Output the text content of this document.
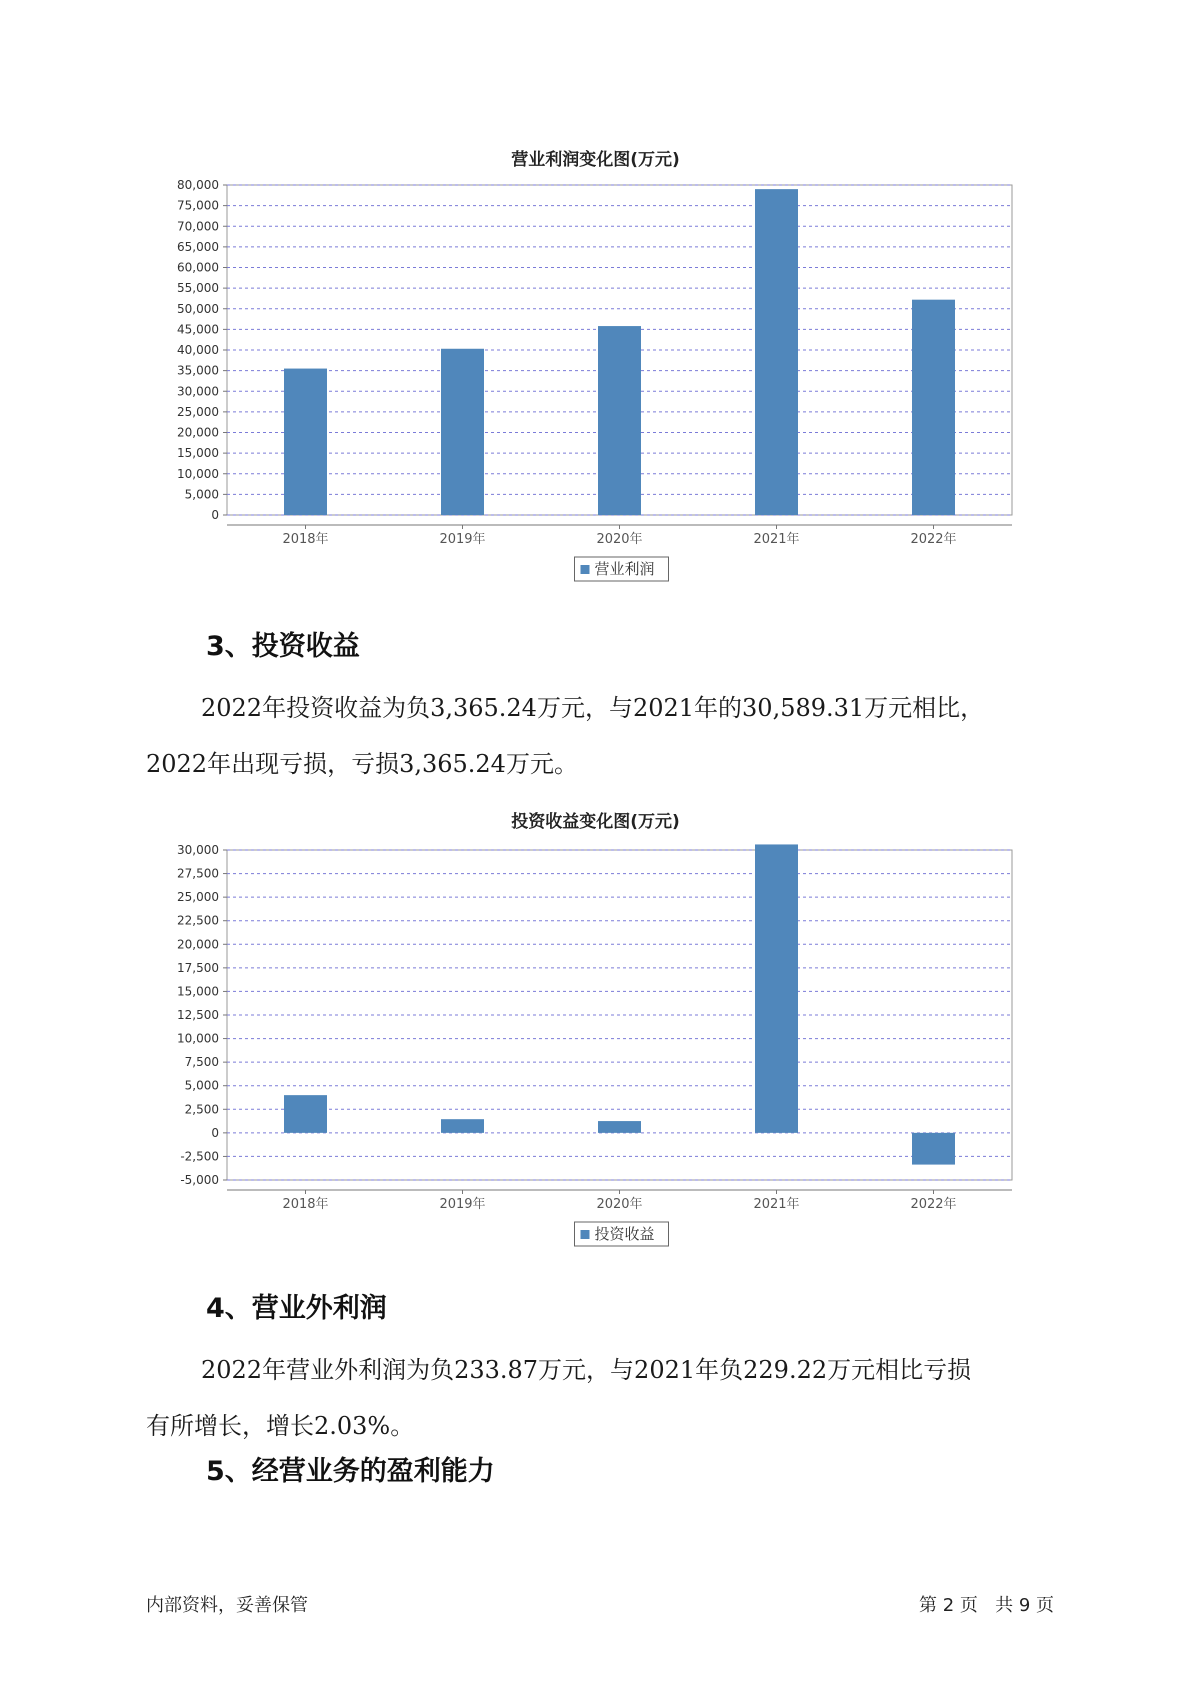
营业利润变化图(万元)
0
5,000
10,000
15,000
20,000
25,000
30,000
35,000
40,000
45,000
50,000
55,000
60,000
65,000
70,000
75,000
80,000
2018年	2019年	2020年	2021年	2022年
营业利润
3、投资收益
2022年投资收益为负3,365.24万元，与2021年的30,589.31万元相比，
2022年出现亏损，亏损3,365.24万元。
投资收益变化图(万元)
-5,000
-2,500
0
2,500
5,000
7,500
10,000
12,500
15,000
17,500
20,000
22,500
25,000
27,500
30,000
2018年	2019年	2020年	2021年	2022年
投资收益
4、营业外利润
2022年营业外利润为负233.87万元，与2021年负229.22万元相比亏损
有所增长，增长2.03%。
5、经营业务的盈利能力
内部资料，妥善保管	第 2 页   共 9 页
